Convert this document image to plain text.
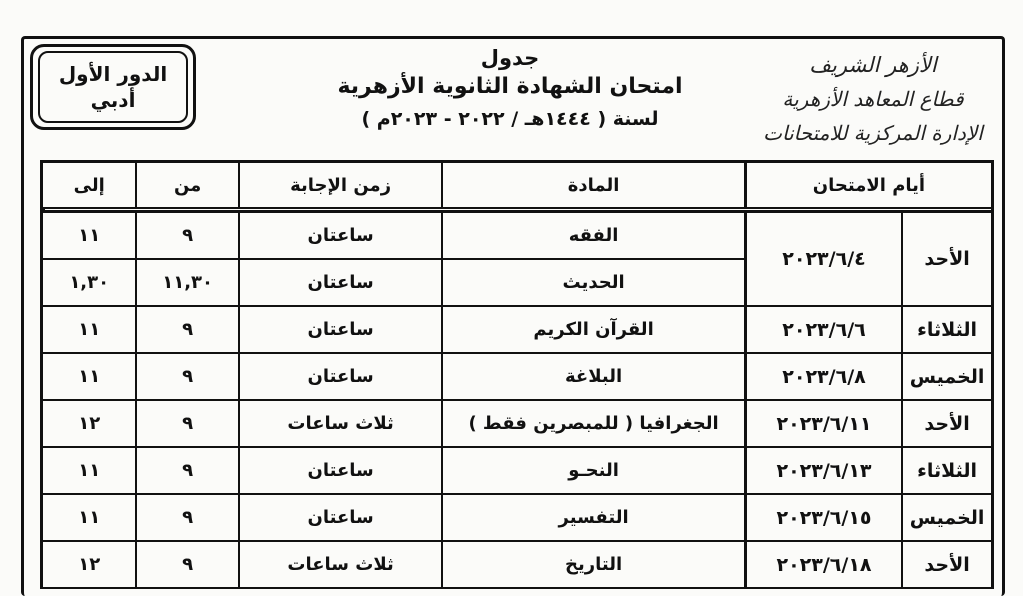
الدور الأول
أدبي
جدول
امتحان الشهادة الثانوية الأزهرية
لسنة ( ١٤٤٤هـ / ٢٠٢٢ - ٢٠٢٣م )
الأزهر الشريف
قطاع المعاهد الأزهرية
الإدارة المركزية للامتحانات
أيام الامتحان		المادة	زمن الإجابة	من	إلى

الأحد	٢٠٢٣/٦/٤	الفقه	ساعتان	٩	١١
		الحديث	ساعتان	١١,٣٠	١,٣٠
الثلاثاء	٢٠٢٣/٦/٦	القرآن الكريم	ساعتان	٩	١١
الخميس	٢٠٢٣/٦/٨	البلاغة	ساعتان	٩	١١
الأحد	٢٠٢٣/٦/١١	الجغرافيا ( للمبصرين فقط )	ثلاث ساعات	٩	١٢
الثلاثاء	٢٠٢٣/٦/١٣	النحـو	ساعتان	٩	١١
الخميس	٢٠٢٣/٦/١٥	التفسير	ساعتان	٩	١١
الأحد	٢٠٢٣/٦/١٨	التاريخ	ثلاث ساعات	٩	١٢
